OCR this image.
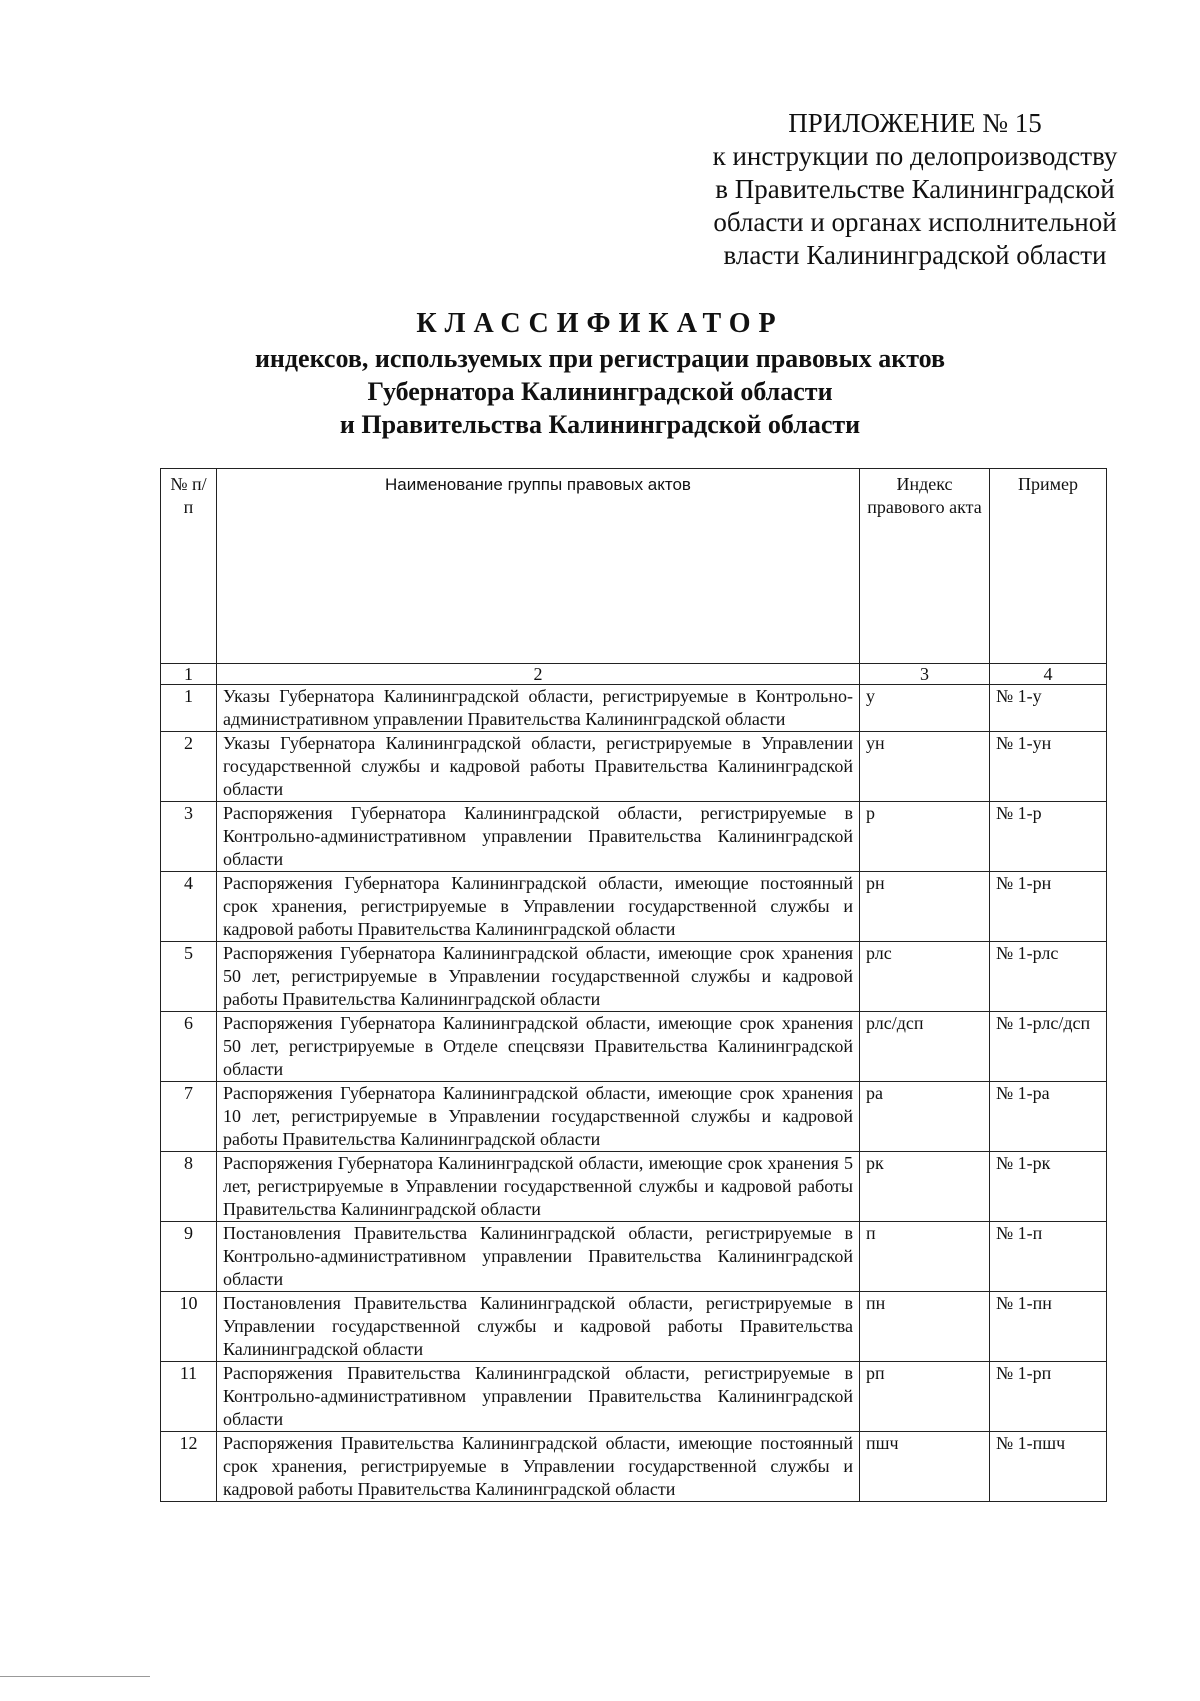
ПРИЛОЖЕНИЕ № 15
к инструкции по делопроизводству
в Правительстве Калининградской
области и органах исполнительной
власти Калининградской области
КЛАССИФИКАТОР
индексов, используемых при регистрации правовых актов
Губернатора Калининградской области
и Правительства Калининградской области
№ п/п	Наименование группы правовых актов	Индекс правового акта	Пример
1	2	3	4
1	Указы Губернатора Калининградской области, регистрируемые в Контрольно-административном управлении Правительства Калининградской области	у	№ 1-у
2	Указы Губернатора Калининградской области, регистрируемые в Управлении государственной службы и кадровой работы Правительства Калининградской области	ун	№ 1-ун
3	Распоряжения Губернатора Калининградской области, регистрируемые в Контрольно-административном управлении Правительства Калининградской области	р	№ 1-р
4	Распоряжения Губернатора Калининградской области, имеющие постоянный срок хранения, регистрируемые в Управлении государственной службы и кадровой работы Правительства Калининградской области	рн	№ 1-рн
5	Распоряжения Губернатора Калининградской области, имеющие срок хранения 50 лет, регистрируемые в Управлении государственной службы и кадровой работы Правительства Калининградской области	рлс	№ 1-рлс
6	Распоряжения Губернатора Калининградской области, имеющие срок хранения 50 лет, регистрируемые в Отделе спецсвязи Правительства Калининградской области	рлс/дсп	№ 1-рлс/дсп
7	Распоряжения Губернатора Калининградской области, имеющие срок хранения 10 лет, регистрируемые в Управлении государственной службы и кадровой работы Правительства Калининградской области	ра	№ 1-ра
8	Распоряжения Губернатора Калининградской области, имеющие срок хранения 5 лет, регистрируемые в Управлении государственной службы и кадровой работы Правительства Калининградской области	рк	№ 1-рк
9	Постановления Правительства Калининградской области, регистрируемые в Контрольно-административном управлении Правительства Калининградской области	п	№ 1-п
10	Постановления Правительства Калининградской области, регистрируемые в Управлении государственной службы и кадровой работы Правительства Калининградской области	пн	№ 1-пн
11	Распоряжения Правительства Калининградской области, регистрируемые в Контрольно-административном управлении Правительства Калининградской области	рп	№ 1-рп
12	Распоряжения Правительства Калининградской области, имеющие постоянный срок хранения, регистрируемые в Управлении государственной службы и кадровой работы Правительства Калининградской области	пшч	№ 1-пшч
